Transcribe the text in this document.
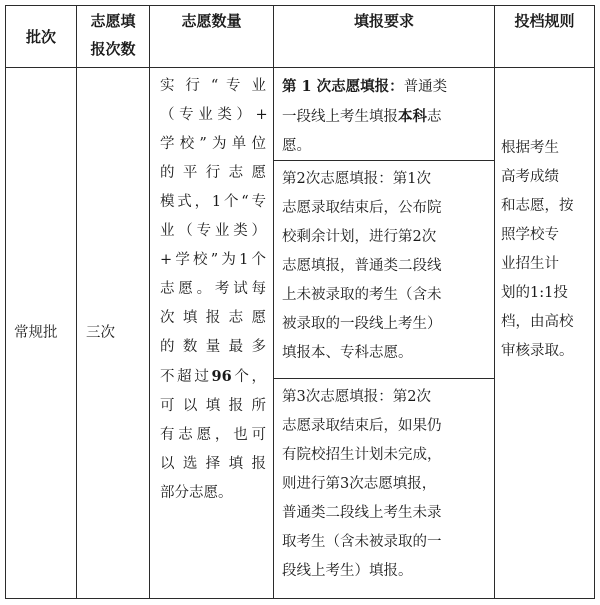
批次
志愿填
报次数
志愿数量	填报要求	投档规则
常规批 三次
实 行 “ 专 业
（ 专 业 类 ） +
学校”为单位
的平行志愿
模式，1个“专
业（专业类）
+学校”为1个
志愿。考试每
次填报志愿
的数量最多
不超过96个，
可以填报所
有志愿，也可
以选择填报
部分志愿。
第 1 次志愿填报：普通类
一段线上考生填报本科志
愿。
第2次志愿填报：第1次
志愿录取结束后，公布院
校剩余计划，进行第2次
志愿填报，普通类二段线
上未被录取的考生（含未
被录取的一段线上考生）
填报本、专科志愿。
第3次志愿填报：第2次
志愿录取结束后，如果仍
有院校招生计划未完成，
则进行第3次志愿填报，
普通类二段线上考生未录
取考生（含未被录取的一
段线上考生）填报。
根据考生
高考成绩
和志愿，按
照学校专
业招生计
划的1:1投
档，由高校
审核录取。
